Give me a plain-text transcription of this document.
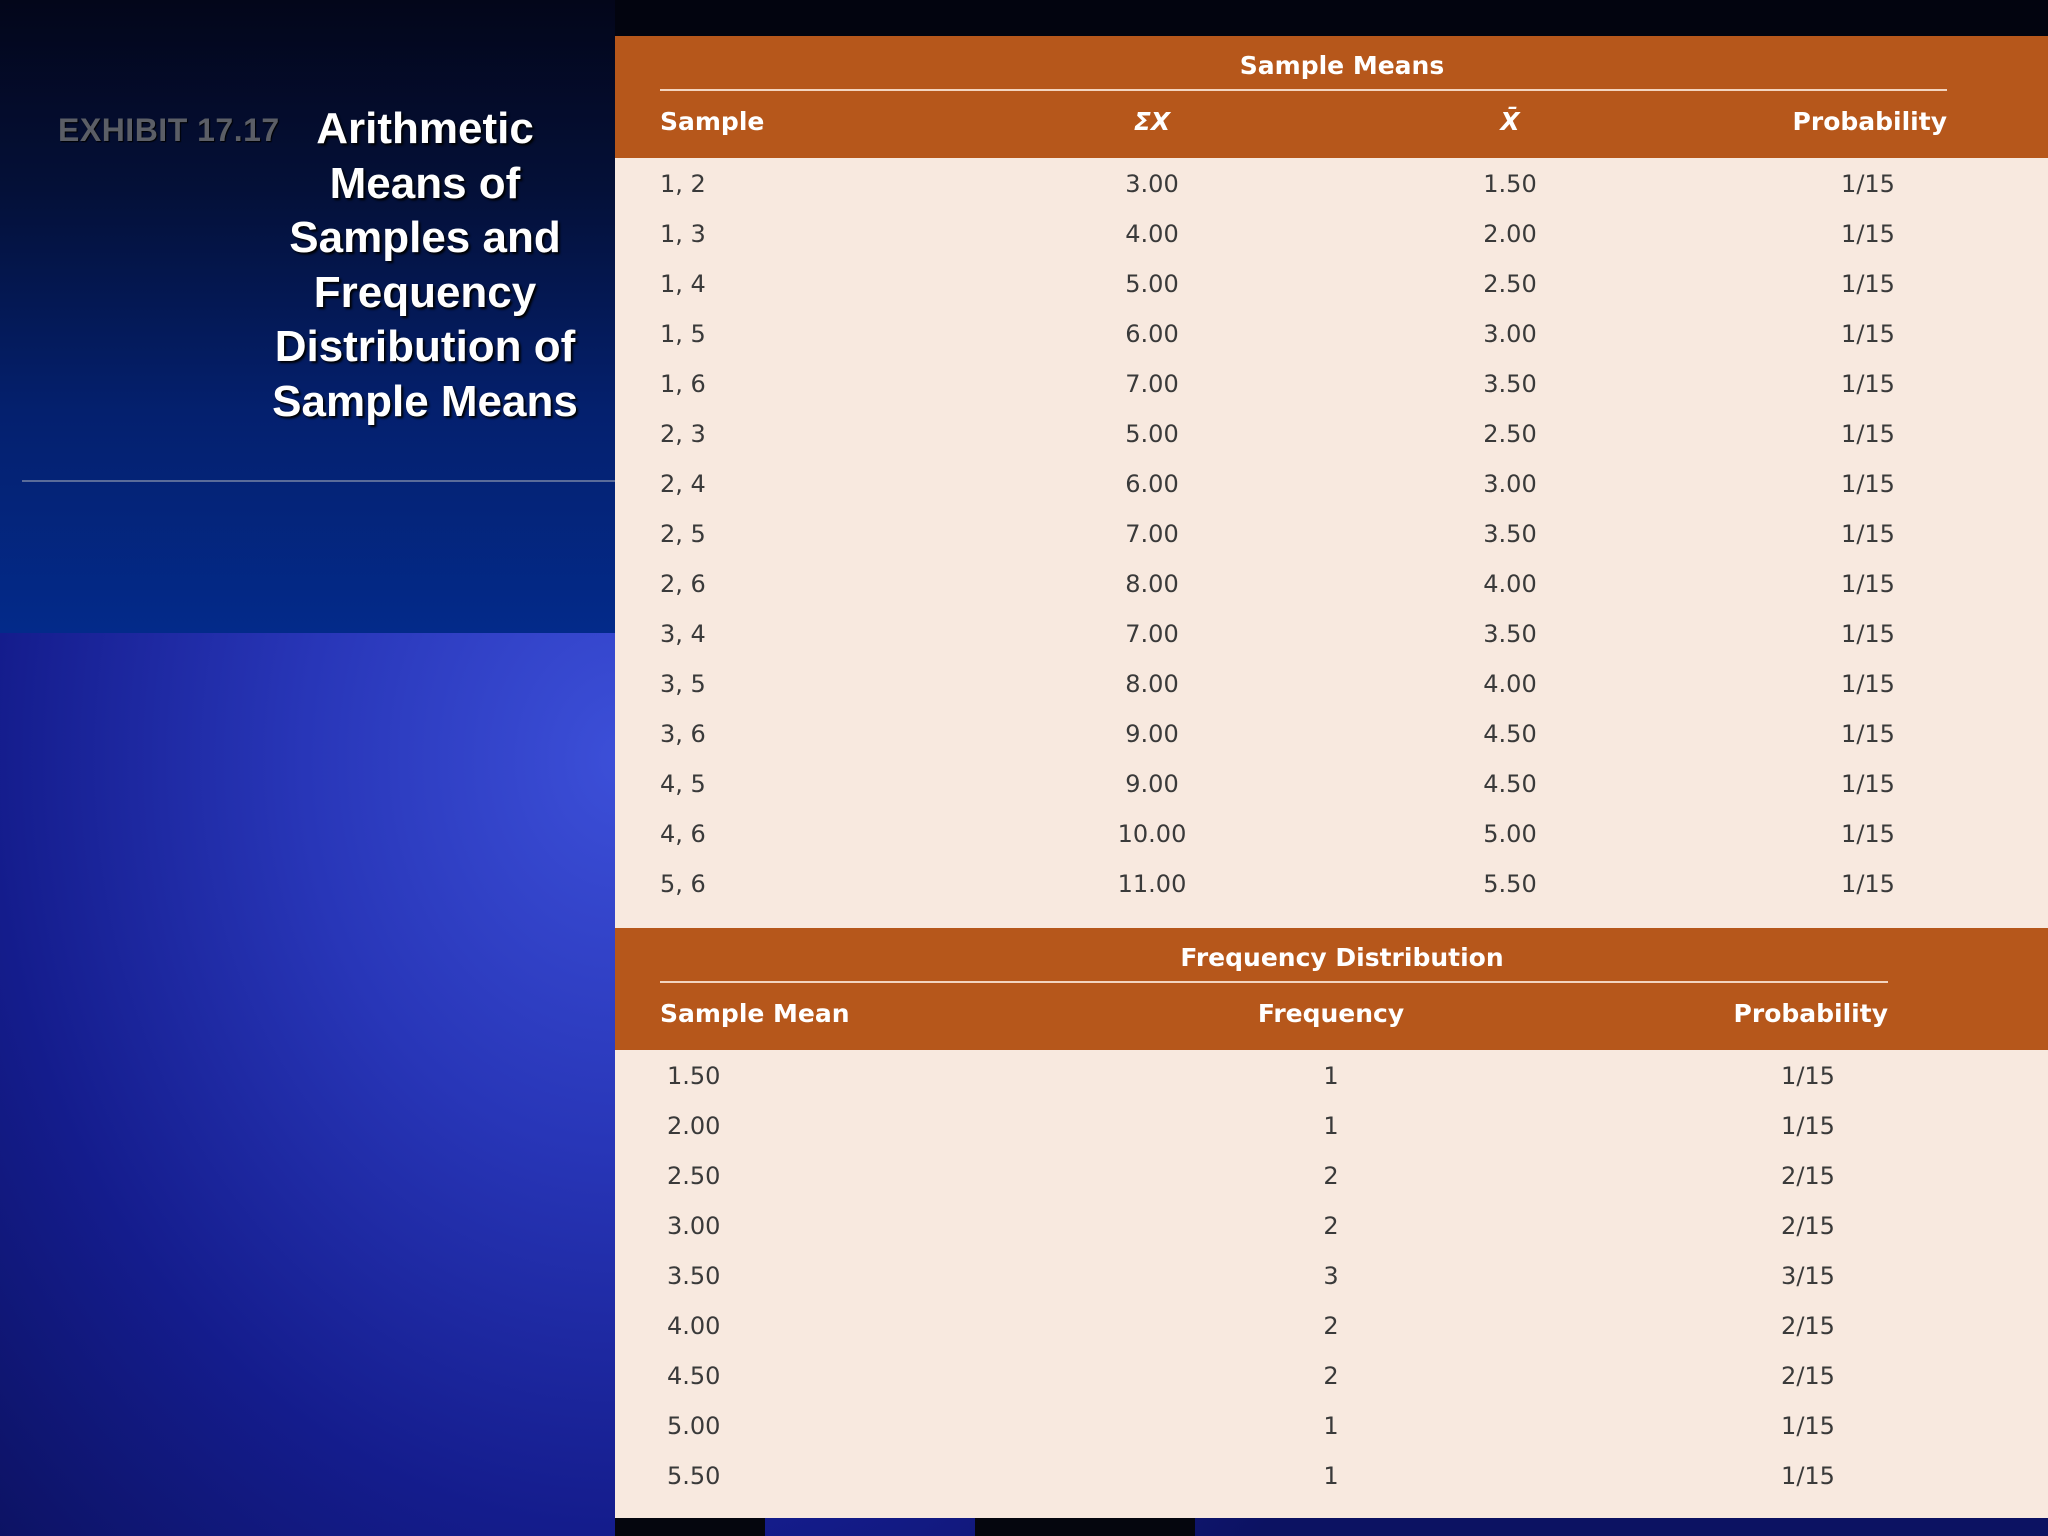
EXHIBIT 17.17 Arithmetic Means of Samples and Frequency Distribution of Sample Means
Sample Means
Sample	ΣX	X̄	Probability
1, 2	3.00	1.50	1/15
1, 3	4.00	2.00	1/15
1, 4	5.00	2.50	1/15
1, 5	6.00	3.00	1/15
1, 6	7.00	3.50	1/15
2, 3	5.00	2.50	1/15
2, 4	6.00	3.00	1/15
2, 5	7.00	3.50	1/15
2, 6	8.00	4.00	1/15
3, 4	7.00	3.50	1/15
3, 5	8.00	4.00	1/15
3, 6	9.00	4.50	1/15
4, 5	9.00	4.50	1/15
4, 6	10.00	5.00	1/15
5, 6	11.00	5.50	1/15
Frequency Distribution
Sample Mean	Frequency	Probability
1.50	1	1/15
2.00	1	1/15
2.50	2	2/15
3.00	2	2/15
3.50	3	3/15
4.00	2	2/15
4.50	2	2/15
5.00	1	1/15
5.50	1	1/15
